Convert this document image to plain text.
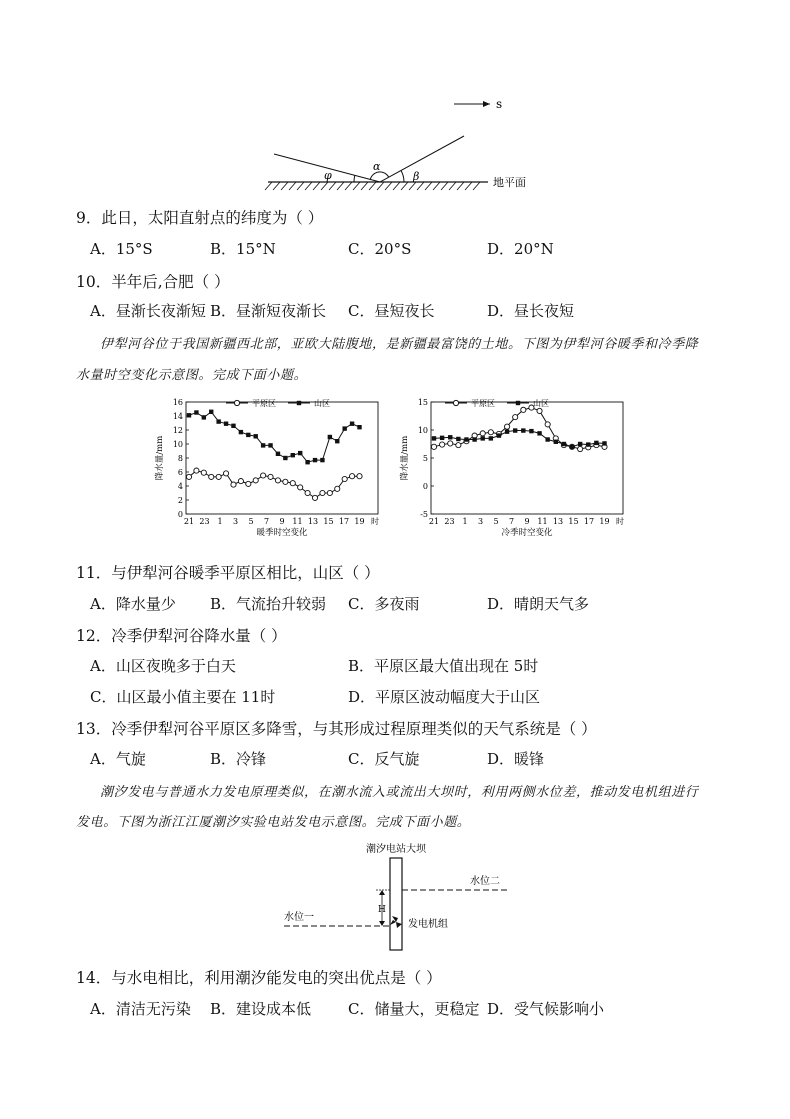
s
φ
α
β	地平面
9．此日，太阳直射点的纬度为（ ）
A．15°S	B．15°N	C．20°S	D．20°N
10．半年后,合肥（ ）
A．昼渐长夜渐短 B．昼渐短夜渐长 C．昼短夜长	D．昼长夜短
伊犁河谷位于我国新疆西北部，亚欧大陆腹地，是新疆最富饶的土地。下图为伊犁河谷暖季和冷季降
水量时空变化示意图。完成下面小题。
0
2
4
6
8
10
12
14
16
降水量/mm
21 23 1 3 5 7 9 11 13 15 17 19 时
暖季时空变化
平原区	山区
-5
0
5
10
15
降水量/mm
21 23 1 3 5 7 9 11 13 15 17 19 时
冷季时空变化
平原区	山区
11．与伊犁河谷暖季平原区相比，山区（ ）
A．降水量少 B．气流抬升较弱 C．多夜雨	D．晴朗天气多
12．冷季伊犁河谷降水量（ ）
A．山区夜晚多于白天	B．平原区最大值出现在 5时
C．山区最小值主要在 11时	D．平原区波动幅度大于山区
13．冷季伊犁河谷平原区多降雪，与其形成过程原理类似的天气系统是（ ）
A．气旋	B．冷锋	C．反气旋	D．暖锋
潮汐发电与普通水力发电原理类似，在潮水流入或流出大坝时，利用两侧水位差，推动发电机组进行
发电。下图为浙江江厦潮汐实验电站发电示意图。完成下面小题。
潮汐电站大坝
水位二
水位一
H
发电机组
14．与水电相比，利用潮汐能发电的突出优点是（ ）
A．清洁无污染 B．建设成本低 C．储量大，更稳定 D．受气候影响小
